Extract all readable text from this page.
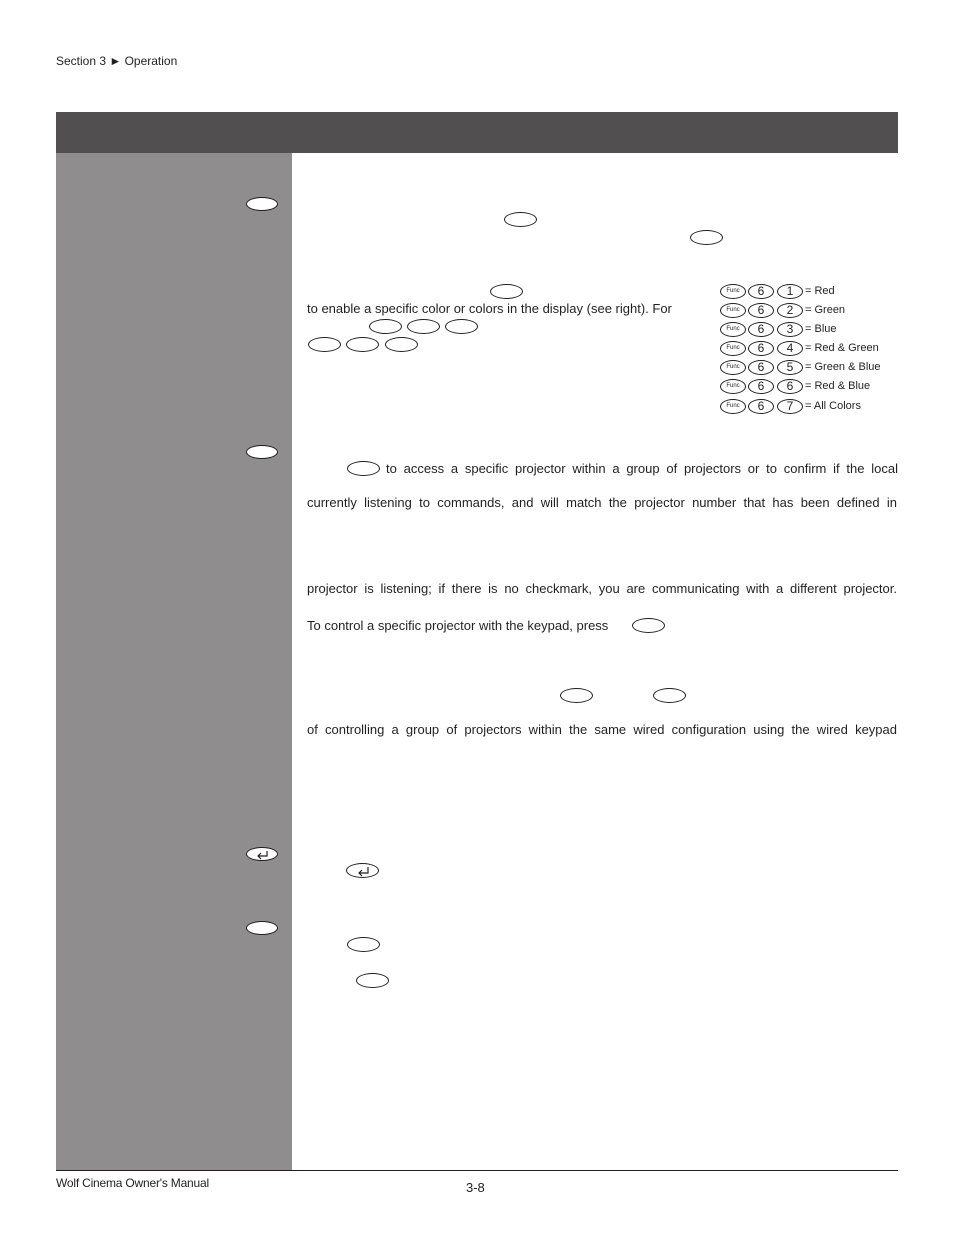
Section 3 ► Operation
to enable a specific color or colors in the display (see right). For
Func	6	1	= Red
Func	6	2	= Green
Func	6	3	= Blue
Func	6	4	= Red & Green
Func	6	5	= Green & Blue
Func	6	6	= Red & Blue
Func	6	7	= All Colors
to access a specific projector within a group of projectors or to confirm if the local
currently listening to commands, and will match the projector number that has been defined in
projector is listening; if there is no checkmark, you are communicating with a different projector.
To control a specific projector with the keypad, press
of controlling a group of projectors within the same wired configuration using the wired keypad
Wolf Cinema Owner's Manual	3-8
